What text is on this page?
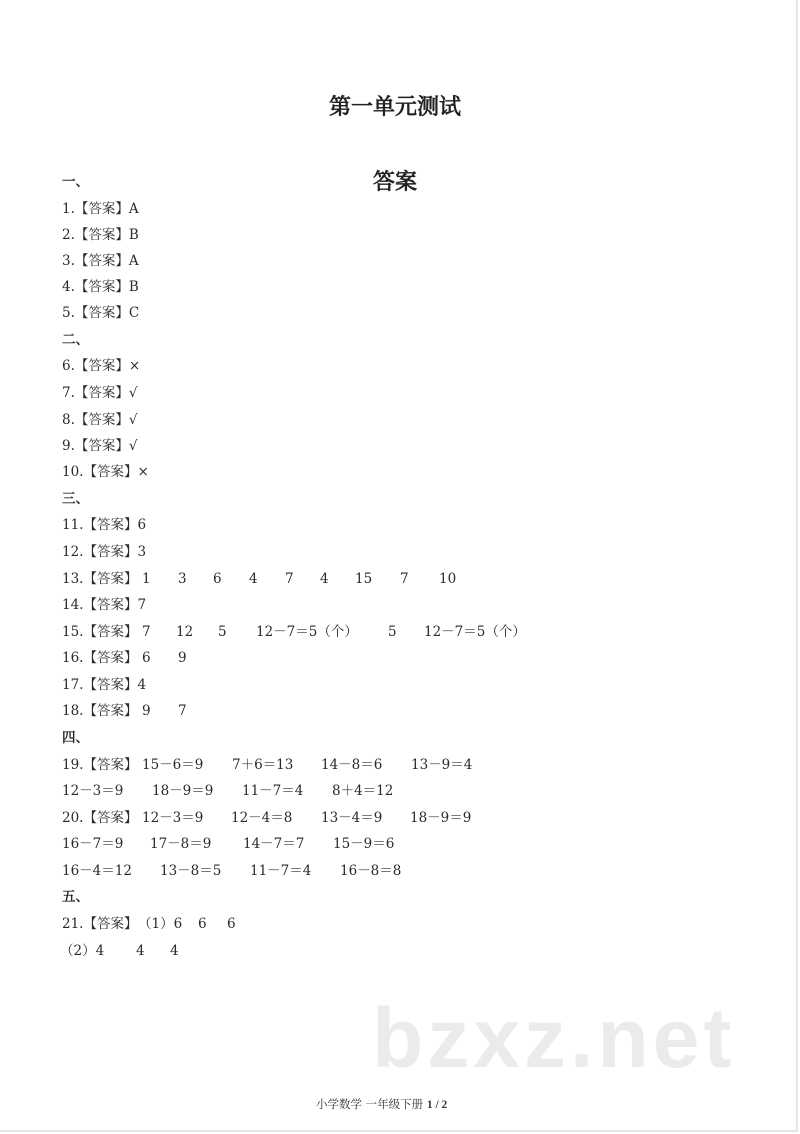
bzxz.net
第一单元测试
答案
一、
1.【答案】A
2.【答案】B
3.【答案】A
4.【答案】B
5.【答案】C
二、
6.【答案】×
7.【答案】√
8.【答案】√
9.【答案】√
10.【答案】×
三、
11.【答案】6
12.【答案】3
13.【答案】 1 3 6 4 7 4 15 7 10
14.【答案】7
15.【答案】 7 12 5 12－7＝5（个） 5 12－7＝5（个）
16.【答案】 6 9
17.【答案】4
18.【答案】 9 7
四、
19.【答案】 15－6＝9 7＋6＝13 14－8＝6 13－9＝4
12－3＝9 18－9＝9 11－7＝4 8＋4＝12
20.【答案】 12－3＝9 12－4＝8 13－4＝9 18－9＝9
16－7＝9 17－8＝9 14－7＝7 15－9＝6
16－4＝12 13－8＝5 11－7＝4 16－8＝8
五、
21.【答案】 （1）6 6 6
（2）4 4 4
小学数学 一年级下册 1 / 2
